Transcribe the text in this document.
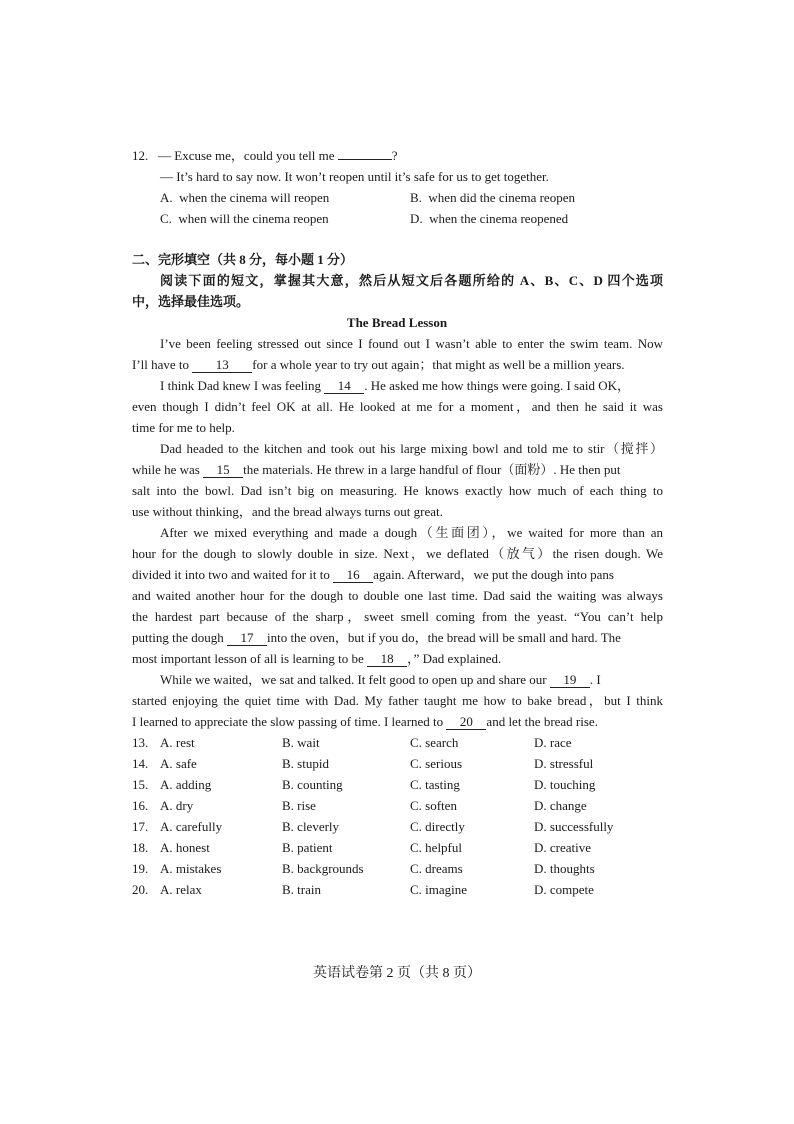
12. — Excuse me，could you tell me	?
— It’s hard to say now. It won’t reopen until it’s safe for us to get together.
A. when the cinema will reopen	B. when did the cinema reopen
C. when will the cinema reopen	D. when the cinema reopened
二、完形填空（共 8 分，每小题 1 分）
阅读下面的短文，掌握其大意，然后从短文后各题所给的 A、B、C、D 四个选项
中，选择最佳选项。
The Bread Lesson
I’ve been feeling stressed out since I found out I wasn’t able to enter the swim team. Now
I’ll have to 13 for a whole year to try out again；that might as well be a million years.
I think Dad knew I was feeling 14 . He asked me how things were going. I said OK，
even though I didn’t feel OK at all. He looked at me for a moment，and then he said it was
time for me to help.
Dad headed to the kitchen and took out his large mixing bowl and told me to stir（搅拌）
while he was 15 the materials. He threw in a large handful of flour（面粉）. He then put
salt into the bowl. Dad isn’t big on measuring. He knows exactly how much of each thing to
use without thinking，and the bread always turns out great.
After we mixed everything and made a dough（生面团），we waited for more than an
hour for the dough to slowly double in size. Next，we deflated（放气）the risen dough. We
divided it into two and waited for it to 16 again. Afterward，we put the dough into pans
and waited another hour for the dough to double one last time. Dad said the waiting was always
the hardest part because of the sharp，sweet smell coming from the yeast. “You can’t help
putting the dough 17 into the oven，but if you do，the bread will be small and hard. The
most important lesson of all is learning to be 18 ，” Dad explained.
While we waited，we sat and talked. It felt good to open up and share our 19 . I
started enjoying the quiet time with Dad. My father taught me how to bake bread，but I think
I learned to appreciate the slow passing of time. I learned to 20 and let the bread rise.
13. A. rest	B. wait	C. search	D. race
14. A. safe	B. stupid	C. serious	D. stressful
15. A. adding	B. counting	C. tasting	D. touching
16. A. dry	B. rise	C. soften	D. change
17. A. carefully	B. cleverly	C. directly	D. successfully
18. A. honest	B. patient	C. helpful	D. creative
19. A. mistakes	B. backgrounds	C. dreams	D. thoughts
20. A. relax	B. train	C. imagine	D. compete
英语试卷第 2 页（共 8 页）
